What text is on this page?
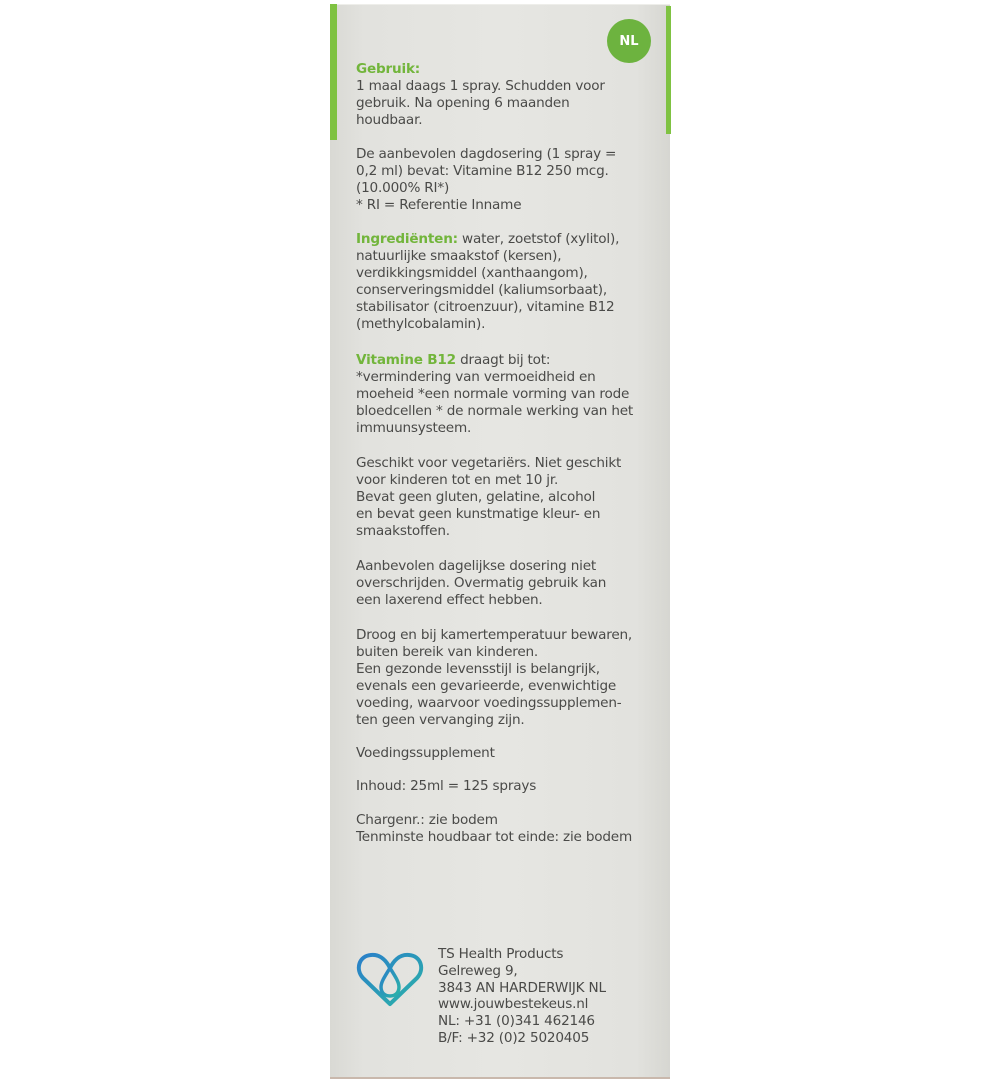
NL
Gebruik:
1 maal daags 1 spray. Schudden voor
gebruik. Na opening 6 maanden
houdbaar.
De aanbevolen dagdosering (1 spray =
0,2 ml) bevat: Vitamine B12 250 mcg.
(10.000% RI*)
* RI = Referentie Inname
Ingrediënten: water, zoetstof (xylitol),
natuurlijke smaakstof (kersen),
verdikkingsmiddel (xanthaangom),
conserveringsmiddel (kaliumsorbaat),
stabilisator (citroenzuur), vitamine B12
(methylcobalamin).
Vitamine B12 draagt bij tot:
*vermindering van vermoeidheid en
moeheid *een normale vorming van rode
bloedcellen * de normale werking van het
immuunsysteem.
Geschikt voor vegetariërs. Niet geschikt
voor kinderen tot en met 10 jr.
Bevat geen gluten, gelatine, alcohol
en bevat geen kunstmatige kleur- en
smaakstoffen.
Aanbevolen dagelijkse dosering niet
overschrijden. Overmatig gebruik kan
een laxerend effect hebben.
Droog en bij kamertemperatuur bewaren,
buiten bereik van kinderen.
Een gezonde levensstijl is belangrijk,
evenals een gevarieerde, evenwichtige
voeding, waarvoor voedingssupplemen-
ten geen vervanging zijn.
Voedingssupplement
Inhoud: 25ml = 125 sprays
Chargenr.: zie bodem
Tenminste houdbaar tot einde: zie bodem
TS Health Products
Gelreweg 9,
3843 AN HARDERWIJK NL
www.jouwbestekeus.nl
NL: +31 (0)341 462146
B/F: +32 (0)2 5020405
